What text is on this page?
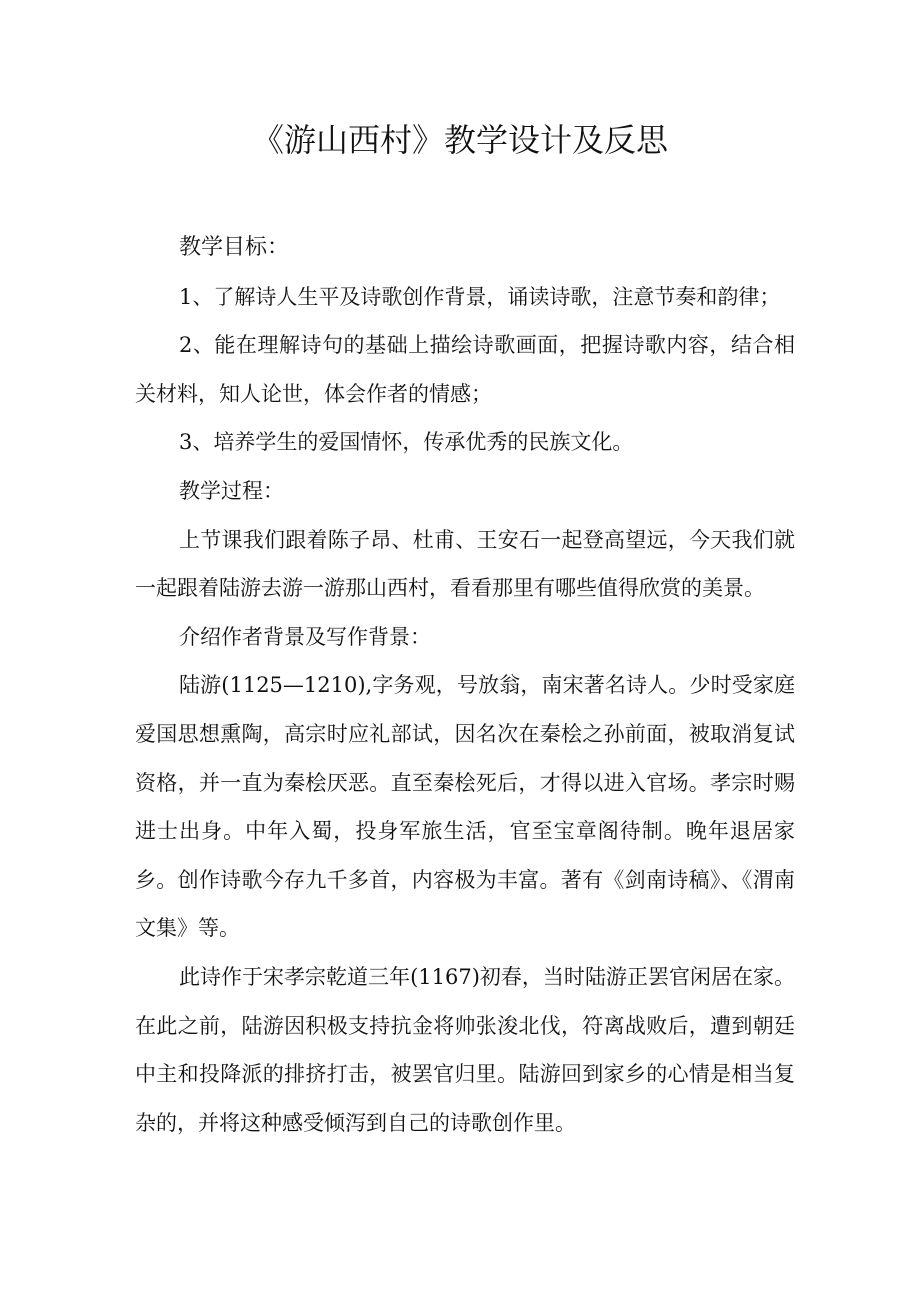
《游山西村》教学设计及反思

教学目标：

1、了解诗人生平及诗歌创作背景，诵读诗歌，注意节奏和韵律；

2、能在理解诗句的基础上描绘诗歌画面，把握诗歌内容，结合相关材料，知人论世，体会作者的情感；

3、培养学生的爱国情怀，传承优秀的民族文化。

教学过程：

上节课我们跟着陈子昂、杜甫、王安石一起登高望远，今天我们就一起跟着陆游去游一游那山西村，看看那里有哪些值得欣赏的美景。

介绍作者背景及写作背景：

陆游(1125—1210),字务观，号放翁，南宋著名诗人。少时受家庭爱国思想熏陶，高宗时应礼部试，因名次在秦桧之孙前面，被取消复试资格，并一直为秦桧厌恶。直至秦桧死后，才得以进入官场。孝宗时赐进士出身。中年入蜀，投身军旅生活，官至宝章阁待制。晚年退居家乡。创作诗歌今存九千多首，内容极为丰富。著有《剑南诗稿》、《渭南文集》等。

此诗作于宋孝宗乾道三年(1167)初春，当时陆游正罢官闲居在家。在此之前，陆游因积极支持抗金将帅张浚北伐，符离战败后，遭到朝廷中主和投降派的排挤打击，被罢官归里。陆游回到家乡的心情是相当复杂的，并将这种感受倾泻到自己的诗歌创作里。
